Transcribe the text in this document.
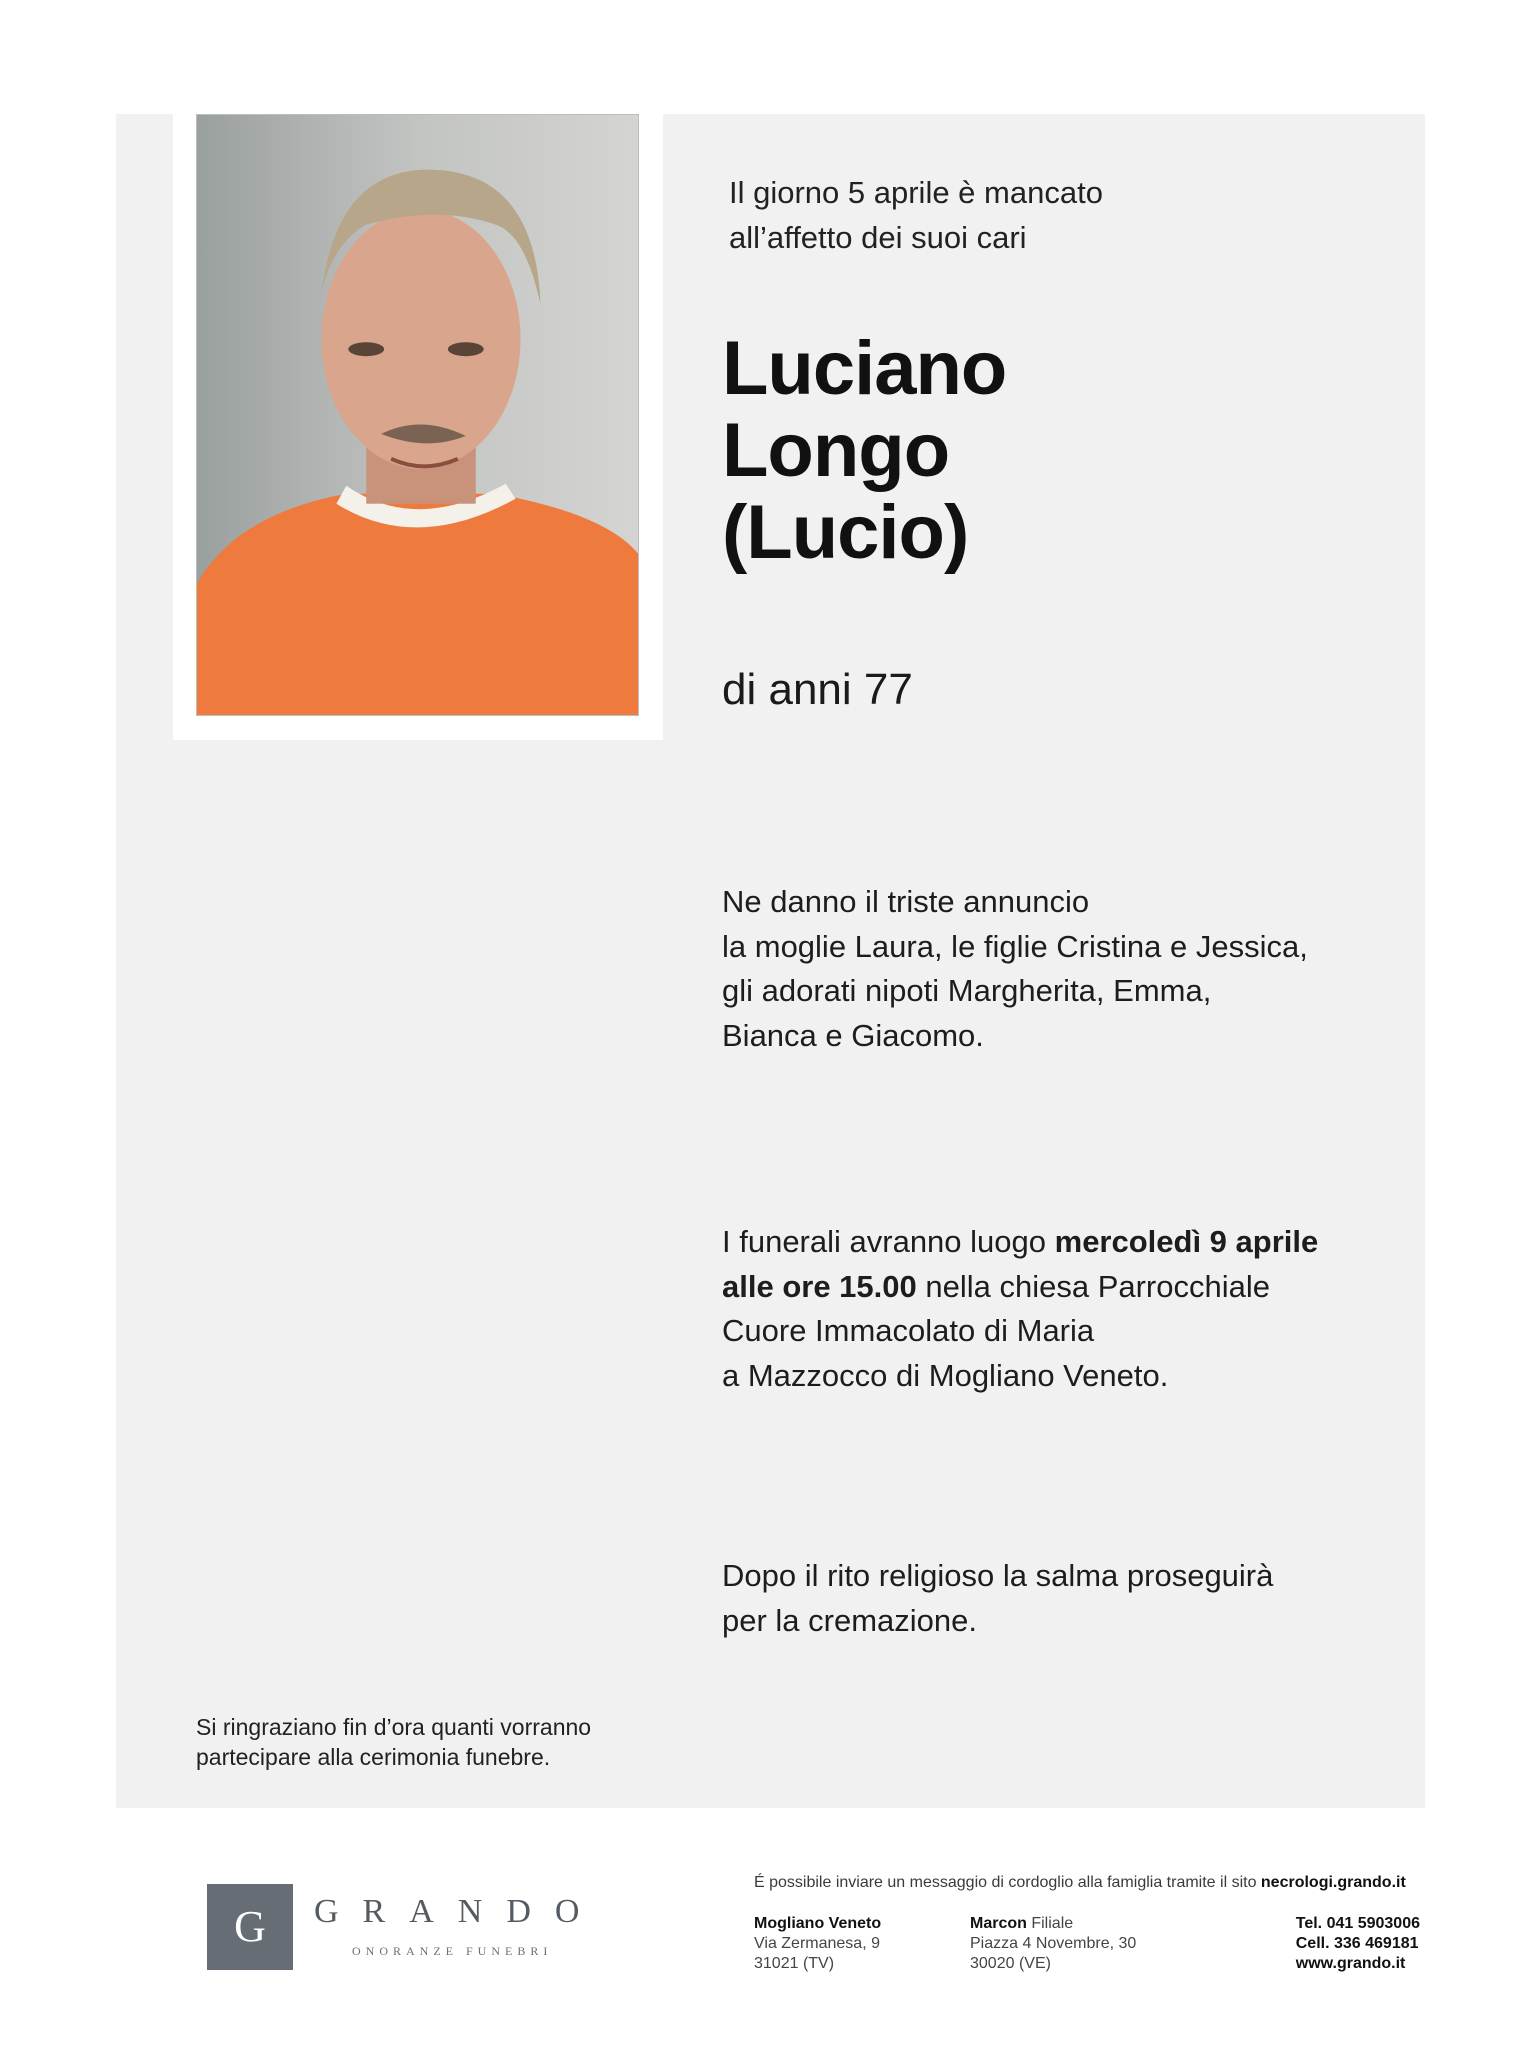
Il giorno 5 aprile è mancato
all’affetto dei suoi cari
Luciano
Longo
(Lucio)
di anni 77
Ne danno il triste annuncio
la moglie Laura, le figlie Cristina e Jessica,
gli adorati nipoti Margherita, Emma,
Bianca e Giacomo.
I funerali avranno luogo mercoledì 9 aprile
alle ore 15.00 nella chiesa Parrocchiale
Cuore Immacolato di Maria
a Mazzocco di Mogliano Veneto.
Dopo il rito religioso la salma proseguirà
per la cremazione.
Si ringraziano fin d’ora quanti vorranno
partecipare alla cerimonia funebre.
G	GRANDO
ONORANZE FUNEBRI
É possibile inviare un messaggio di cordoglio alla famiglia tramite il sito necrologi.grando.it
Mogliano Veneto
Via Zermanesa, 9
31021 (TV)
Marcon Filiale
Piazza 4 Novembre, 30
30020 (VE)
Tel. 041 5903006
Cell. 336 469181
www.grando.it
